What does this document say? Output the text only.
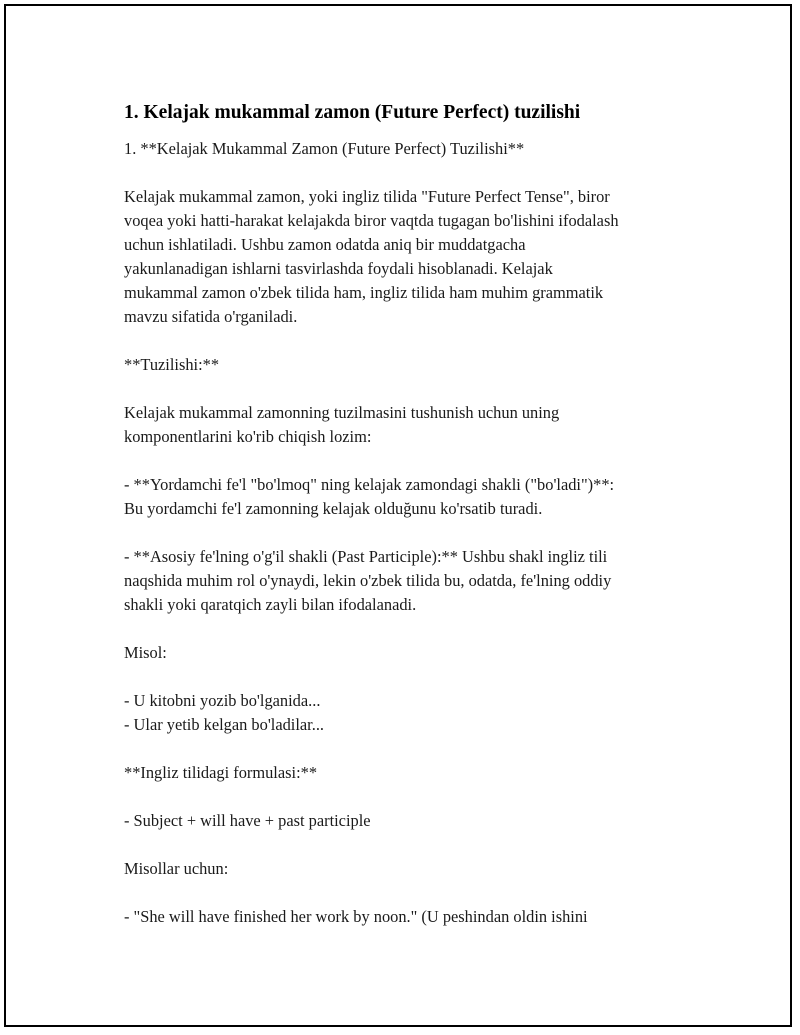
1. Kelajak mukammal zamon (Future Perfect) tuzilishi

1. **Kelajak Mukammal Zamon (Future Perfect) Tuzilishi**

Kelajak mukammal zamon, yoki ingliz tilida "Future Perfect Tense", biror
voqea yoki hatti-harakat kelajakda biror vaqtda tugagan bo'lishini ifodalash
uchun ishlatiladi. Ushbu zamon odatda aniq bir muddatgacha
yakunlanadigan ishlarni tasvirlashda foydali hisoblanadi. Kelajak
mukammal zamon o'zbek tilida ham, ingliz tilida ham muhim grammatik
mavzu sifatida o'rganiladi.

**Tuzilishi:**

Kelajak mukammal zamonning tuzilmasini tushunish uchun uning
komponentlarini ko'rib chiqish lozim:

- **Yordamchi fe'l "bo'lmoq" ning kelajak zamondagi shakli ("bo'ladi")**:
Bu yordamchi fe'l zamonning kelajak olduğunu ko'rsatib turadi.

- **Asosiy fe'lning o'g'il shakli (Past Participle):** Ushbu shakl ingliz tili
naqshida muhim rol o'ynaydi, lekin o'zbek tilida bu, odatda, fe'lning oddiy
shakli yoki qaratqich zayli bilan ifodalanadi.

Misol:

- U kitobni yozib bo'lganida...
- Ular yetib kelgan bo'ladilar...

**Ingliz tilidagi formulasi:**

- Subject + will have + past participle

Misollar uchun:

- "She will have finished her work by noon." (U peshindan oldin ishini
